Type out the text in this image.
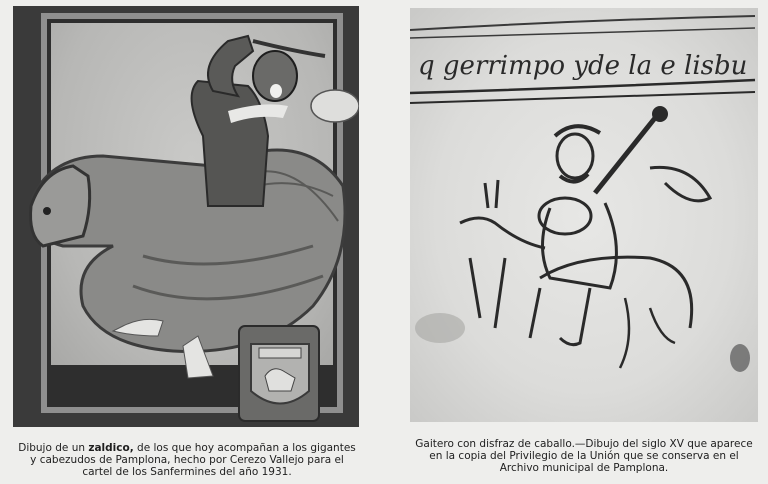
Dibujo de un zaldico, de los que hoy acompañan a los gigantes
y cabezudos de Pamplona, hecho por Cerezo Vallejo para el
cartel de los Sanfermines del año 1931.
q gerrimpo yde la e lisbu
Gaitero con disfraz de caballo.—Dibujo del siglo XV que aparece
en la copia del Privilegio de la Unión que se conserva en el
Archivo municipal de Pamplona.
